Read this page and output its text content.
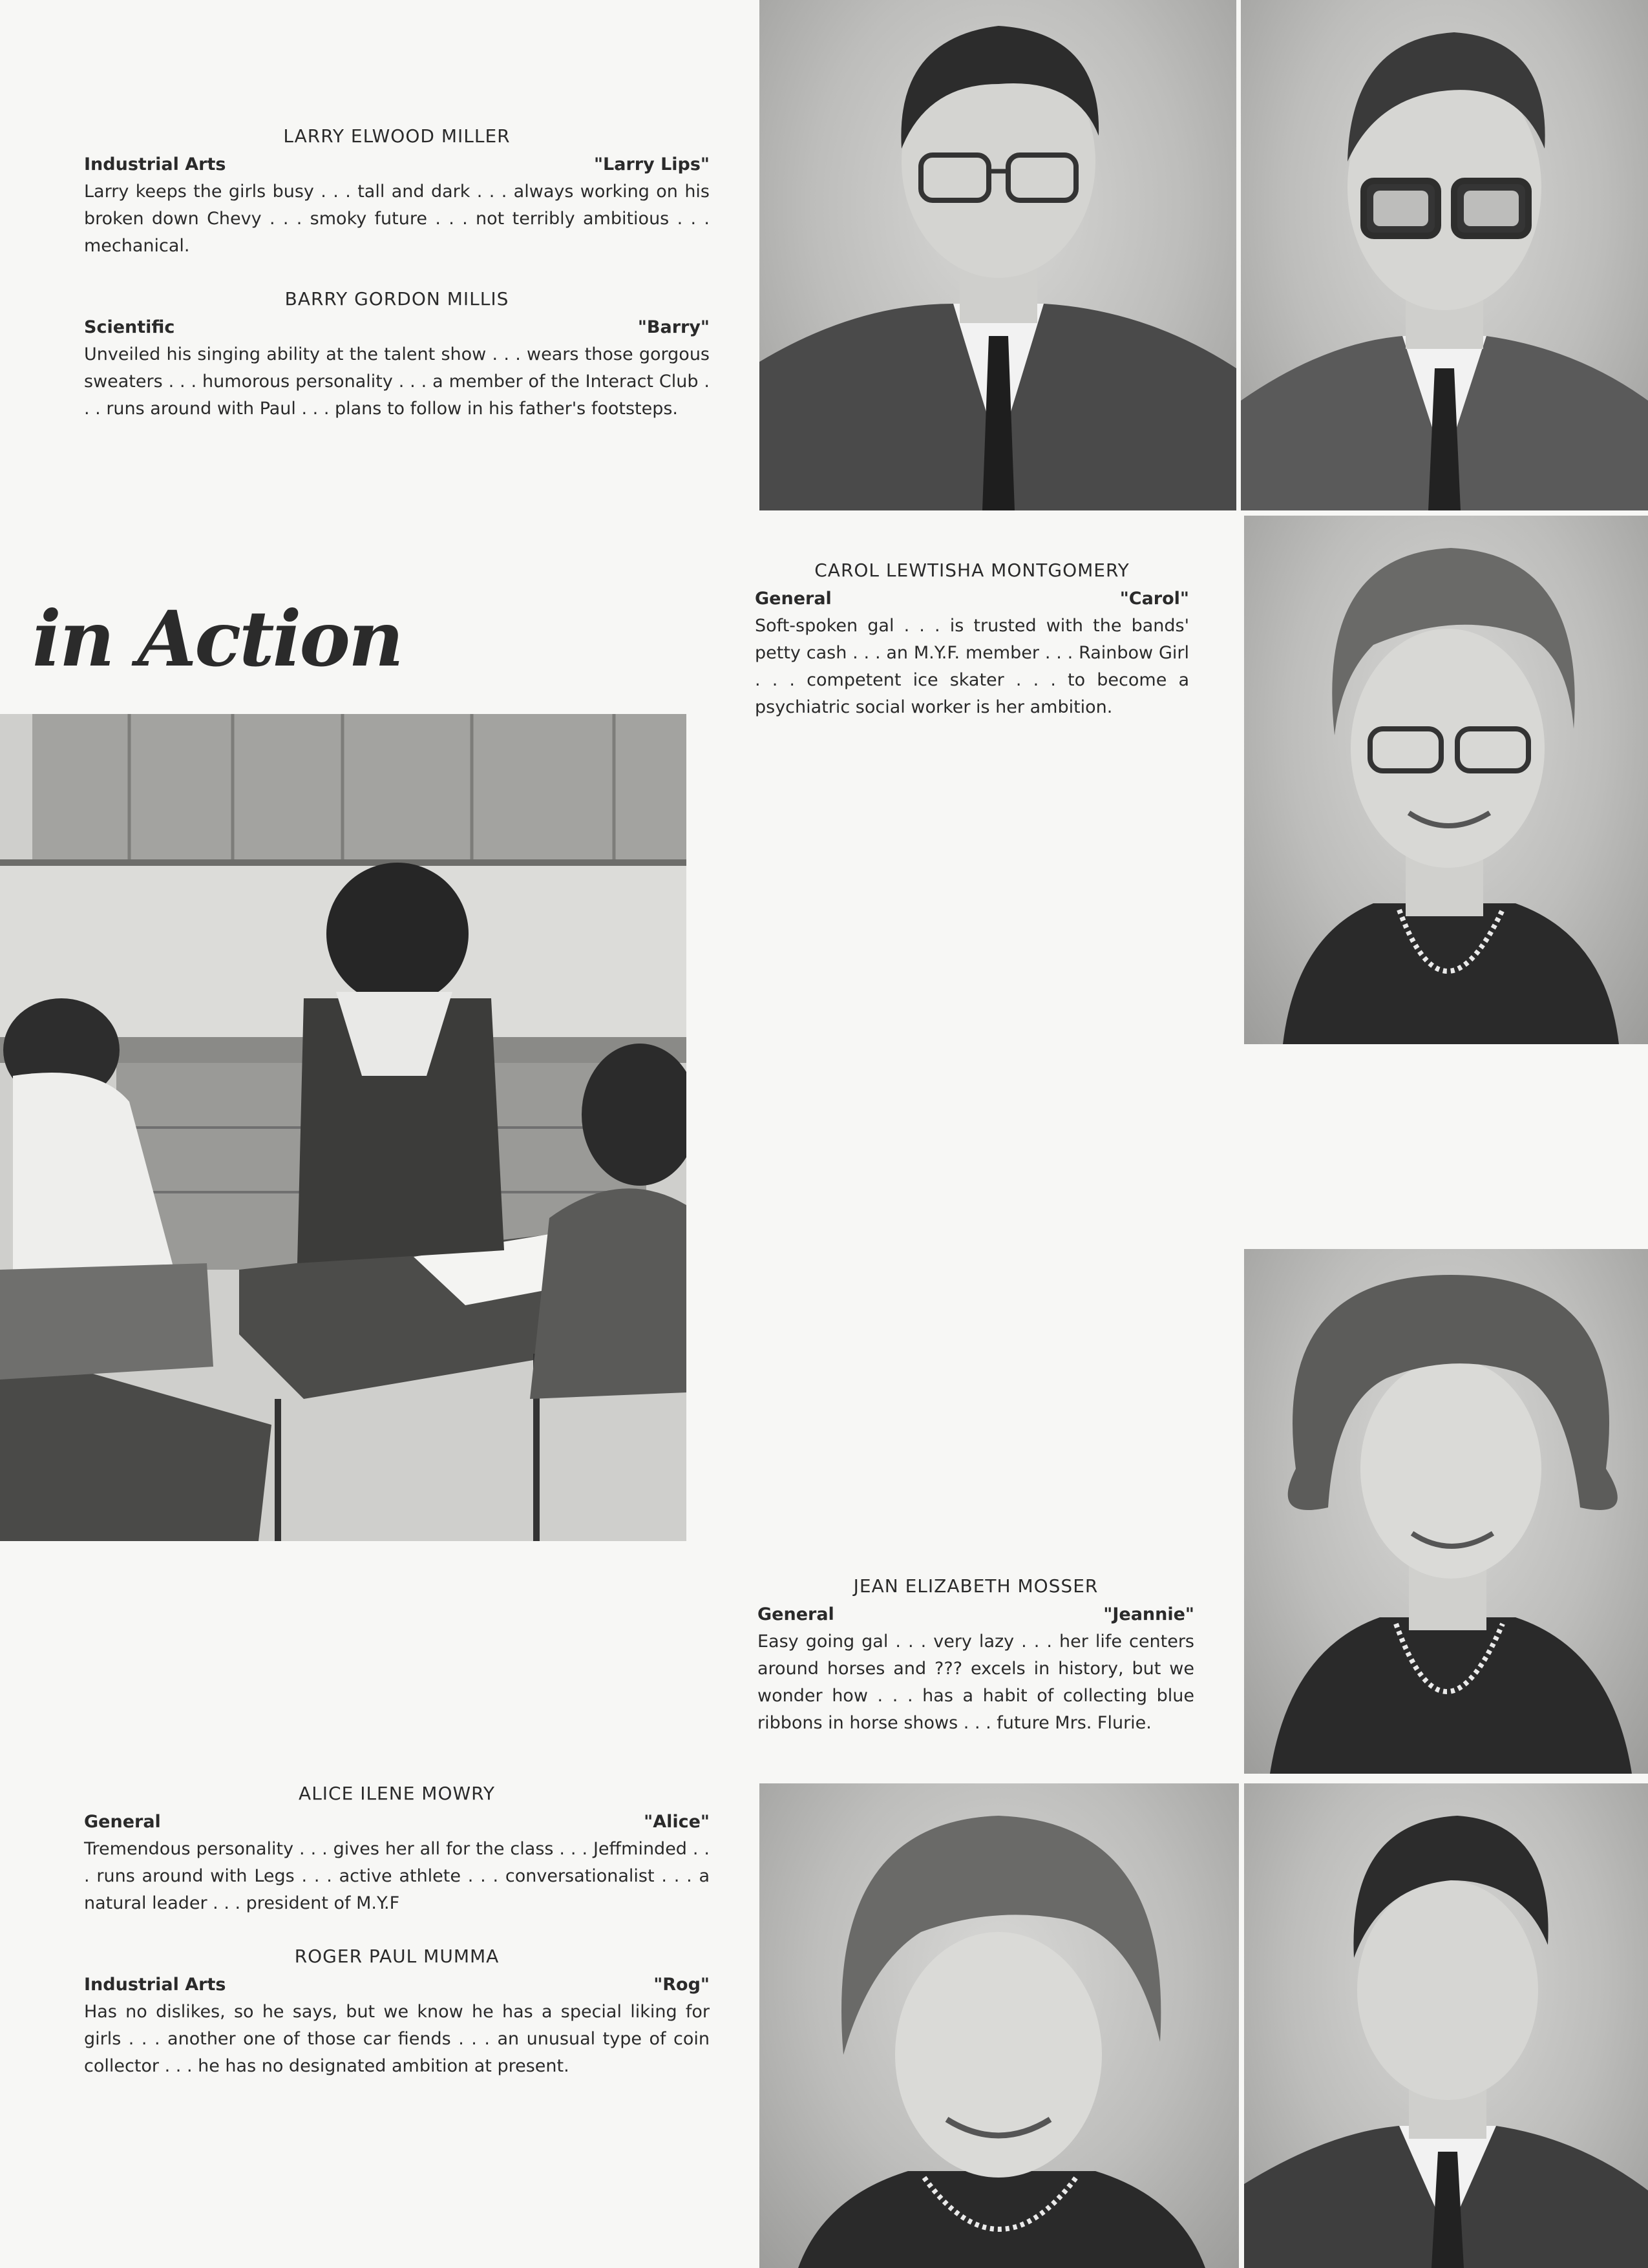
LARRY ELWOOD MILLER
Industrial Arts	"Larry Lips"
Larry keeps the girls busy . . . tall and dark . . . always working on his broken down Chevy . . . smoky future . . . not terribly ambitious . . . mechanical.
BARRY GORDON MILLIS
Scientific	"Barry"
Unveiled his singing ability at the talent show . . . wears those gorgous sweaters . . . humorous personality . . . a member of the Interact Club . . . runs around with Paul . . . plans to follow in his father's footsteps.
CAROL LEWTISHA MONTGOMERY
General	"Carol"
Soft-spoken gal . . . is trusted with the bands' petty cash . . . an M.Y.F. member . . . Rainbow Girl . . . competent ice skater . . . to become a psychiatric social worker is her ambition.
JEAN ELIZABETH MOSSER
General	"Jeannie"
Easy going gal . . . very lazy . . . her life centers around horses and ??? excels in history, but we wonder how . . . has a habit of collecting blue ribbons in horse shows . . . future Mrs. Flurie.
ALICE ILENE MOWRY
General	"Alice"
Tremendous personality . . . gives her all for the class . . . Jeffminded . . . runs around with Legs . . . active athlete . . . conversationalist . . . a natural leader . . . president of M.Y.F
ROGER PAUL MUMMA
Industrial Arts	"Rog"
Has no dislikes, so he says, but we know he has a special liking for girls . . . another one of those car fiends . . . an unusual type of coin collector . . . he has no designated ambition at present.
in Action
